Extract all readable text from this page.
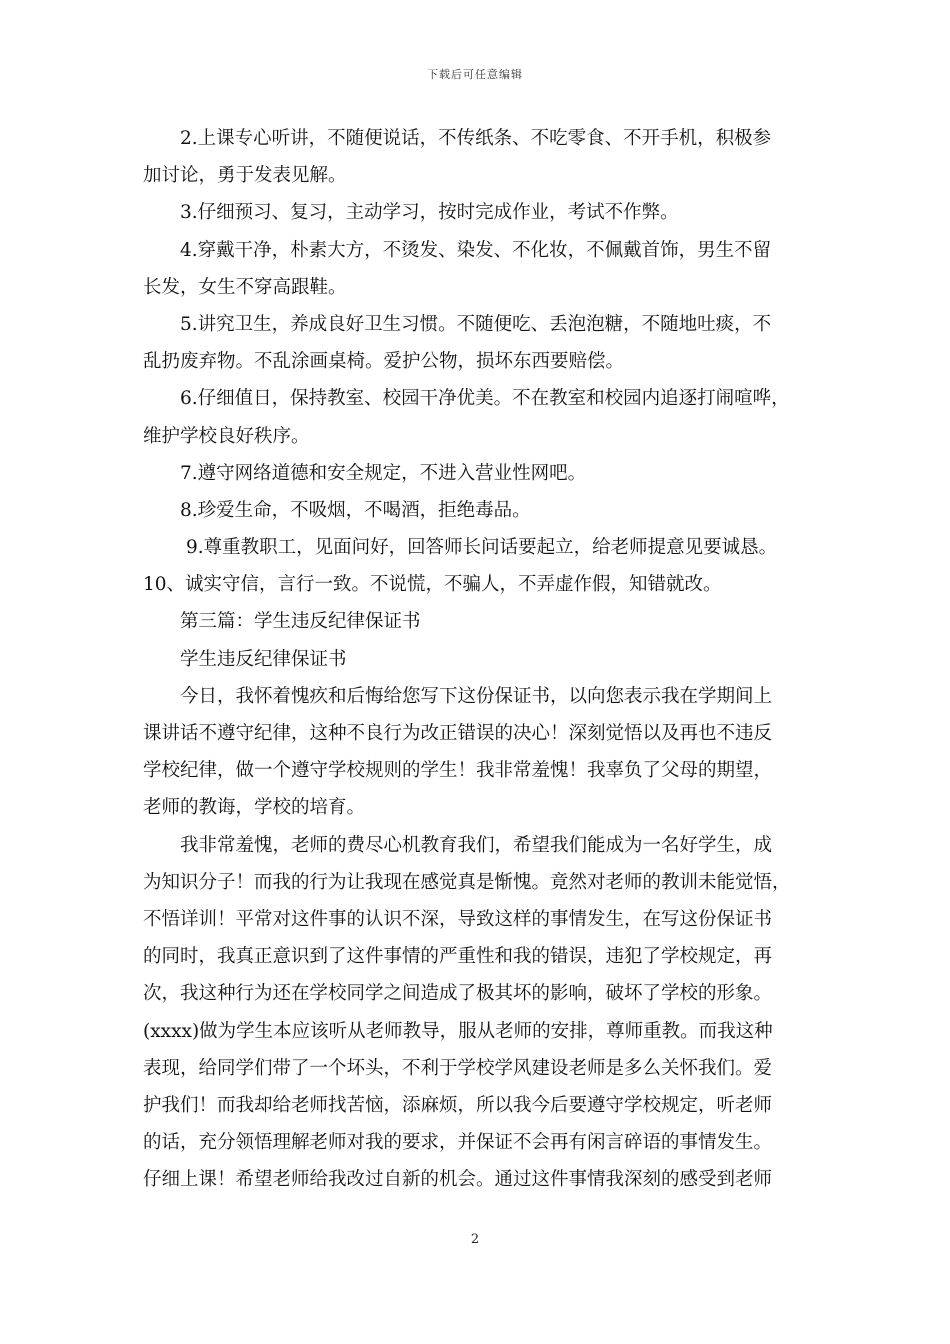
下载后可任意编辑
2.上课专心听讲，不随便说话，不传纸条、不吃零食、不开手机，积极参
加讨论，勇于发表见解。
3.仔细预习、复习，主动学习，按时完成作业，考试不作弊。
4.穿戴干净，朴素大方，不烫发、染发、不化妆，不佩戴首饰，男生不留
长发，女生不穿高跟鞋。
5.讲究卫生，养成良好卫生习惯。不随便吃、丢泡泡糖，不随地吐痰，不
乱扔废弃物。不乱涂画桌椅。爱护公物，损坏东西要赔偿。
6.仔细值日，保持教室、校园干净优美。不在教室和校园内追逐打闹喧哗，
维护学校良好秩序。
7.遵守网络道德和安全规定，不进入营业性网吧。
8.珍爱生命，不吸烟，不喝酒，拒绝毒品。
9.尊重教职工，见面问好，回答师长问话要起立，给老师提意见要诚恳。
10、诚实守信，言行一致。不说慌，不骗人，不弄虚作假，知错就改。
第三篇：学生违反纪律保证书
学生违反纪律保证书
今日，我怀着愧疚和后悔给您写下这份保证书，以向您表示我在学期间上
课讲话不遵守纪律，这种不良行为改正错误的决心！深刻觉悟以及再也不违反
学校纪律，做一个遵守学校规则的学生！我非常羞愧！我辜负了父母的期望，
老师的教诲，学校的培育。
我非常羞愧，老师的费尽心机教育我们，希望我们能成为一名好学生，成
为知识分子！而我的行为让我现在感觉真是惭愧。竟然对老师的教训未能觉悟，
不悟详训！平常对这件事的认识不深，导致这样的事情发生，在写这份保证书
的同时，我真正意识到了这件事情的严重性和我的错误，违犯了学校规定，再
次，我这种行为还在学校同学之间造成了极其坏的影响，破坏了学校的形象。
(xxxx)做为学生本应该听从老师教导，服从老师的安排，尊师重教。而我这种
表现，给同学们带了一个坏头，不利于学校学风建设老师是多么关怀我们。爱
护我们！而我却给老师找苦恼，添麻烦，所以我今后要遵守学校规定，听老师
的话，充分领悟理解老师对我的要求，并保证不会再有闲言碎语的事情发生。
仔细上课！希望老师给我改过自新的机会。通过这件事情我深刻的感受到老师
2
